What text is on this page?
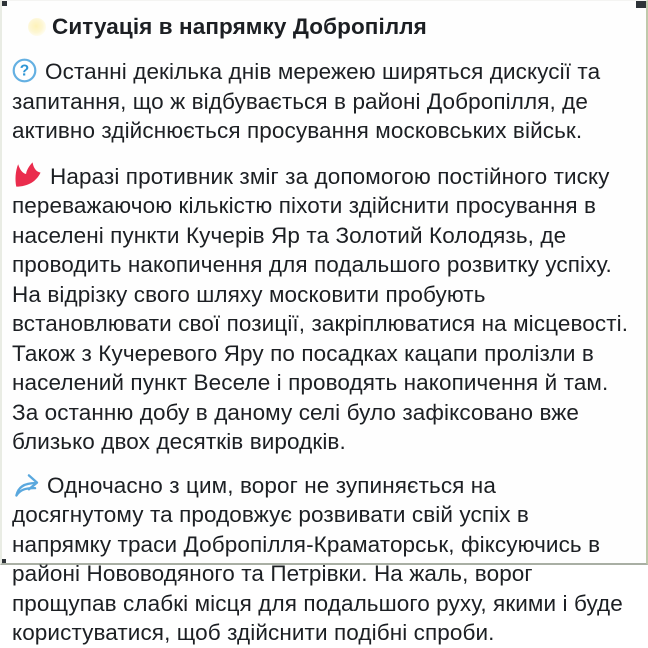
Ситуація в напрямку Добропілля

? Останні декілька днів мережею ширяться дискусії та запитання, що ж відбувається в районі Добропілля, де активно здійснюється просування московських військ.

Наразі противник зміг за допомогою постійного тиску переважаючою кількістю піхоти здійснити просування в населені пункти Кучерів Яр та Золотий Колодязь, де проводить накопичення для подальшого розвитку успіху. На відрізку свого шляху московити пробують встановлювати свої позиції, закріплюватися на місцевості. Також з Кучеревого Яру по посадках кацапи пролізли в населений пункт Веселе і проводять накопичення й там. За останню добу в даному селі було зафіксовано вже близько двох десятків виродків.

Одночасно з цим, ворог не зупиняється на досягнутому та продовжує розвивати свій успіх в напрямку траси Добропілля-Краматорськ, фіксуючись в районі Нововодяного та Петрівки. На жаль, ворог прощупав слабкі місця для подальшого руху, якими і буде користуватися, щоб здійснити подібні спроби.
